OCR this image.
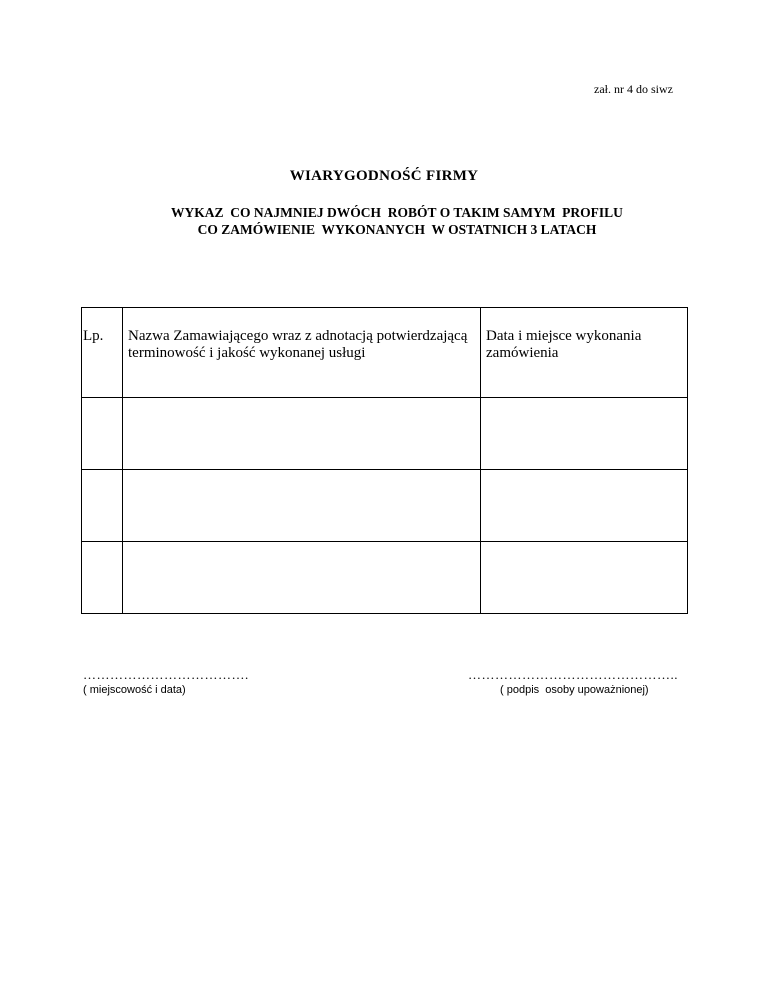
zał. nr 4 do siwz
WIARYGODNOŚĆ FIRMY
WYKAZ  CO NAJMNIEJ DWÓCH  ROBÓT O TAKIM SAMYM  PROFILU
CO ZAMÓWIENIE  WYKONANYCH  W OSTATNICH 3 LATACH
Lp.	Nazwa Zamawiającego wraz z adnotacją potwierdzającą terminowość i jakość wykonanej usługi	Data i miejsce wykonania zamówienia

……………………………….
( miejscowość i data)
………………………………………..
( podpis  osoby upoważnionej)
